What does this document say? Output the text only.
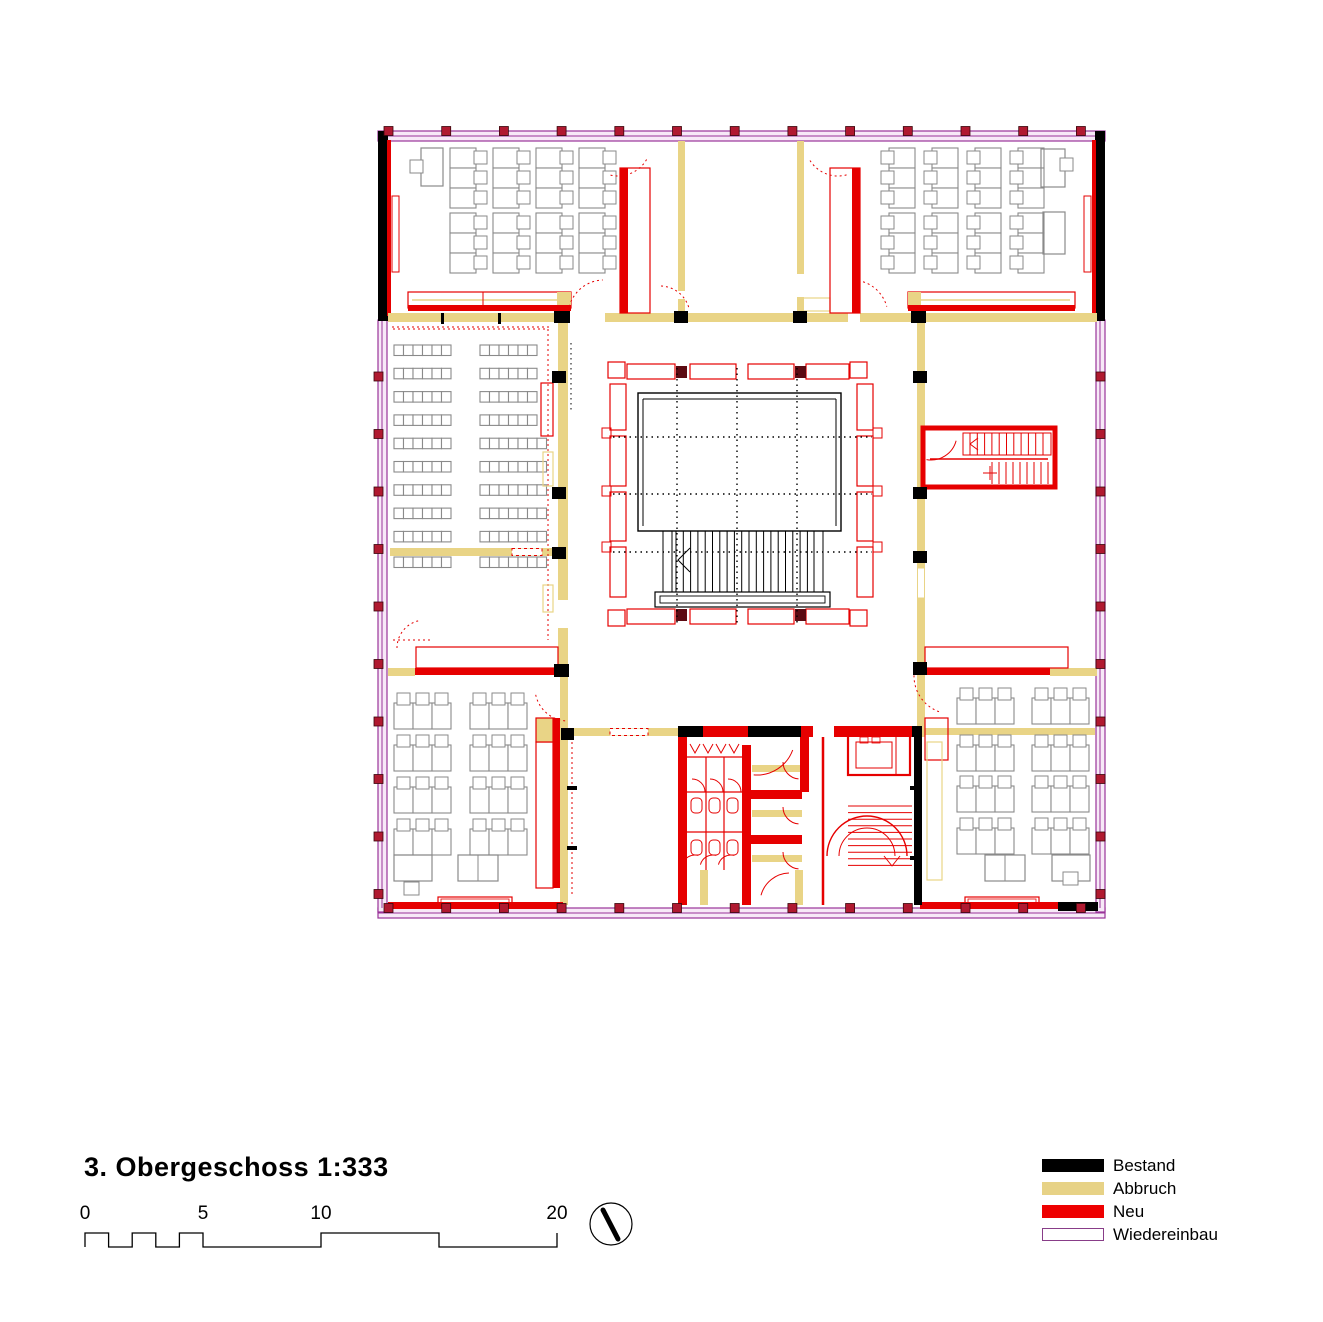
3. Obergeschoss 1:333
0	5	10	20
Bestand
Abbruch
Neu
Wiedereinbau
